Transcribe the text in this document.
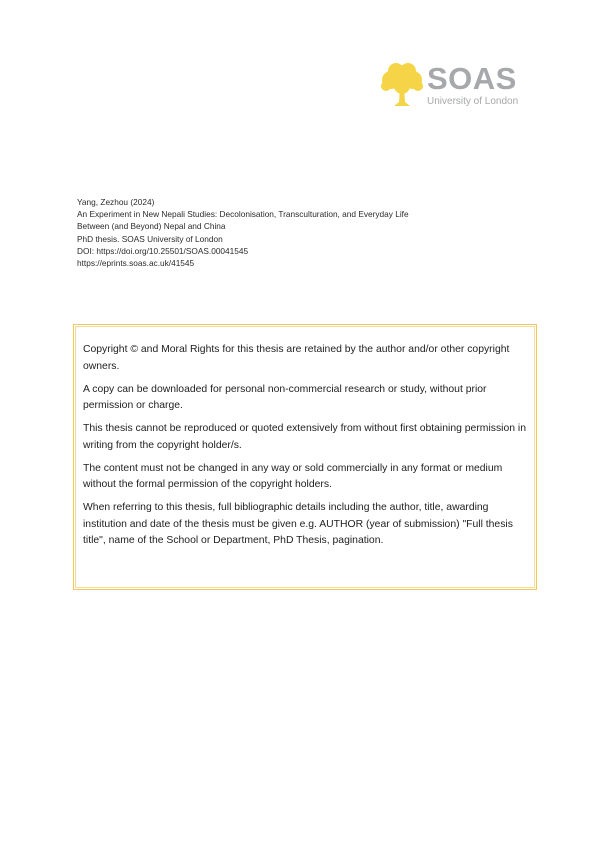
SOAS
University of London
Yang, Zezhou (2024)
An Experiment in New Nepali Studies: Decolonisation, Transculturation, and Everyday Life
Between (and Beyond) Nepal and China
PhD thesis. SOAS University of London
DOI: https://doi.org/10.25501/SOAS.00041545
https://eprints.soas.ac.uk/41545

Copyright © and Moral Rights for this thesis are retained by the author and/or other copyright owners.

A copy can be downloaded for personal non-commercial research or study, without prior permission or charge.

This thesis cannot be reproduced or quoted extensively from without first obtaining permission in writing from the copyright holder/s.

The content must not be changed in any way or sold commercially in any format or medium without the formal permission of the copyright holders.

When referring to this thesis, full bibliographic details including the author, title, awarding institution and date of the thesis must be given e.g. AUTHOR (year of submission) "Full thesis title", name of the School or Department, PhD Thesis, pagination.
